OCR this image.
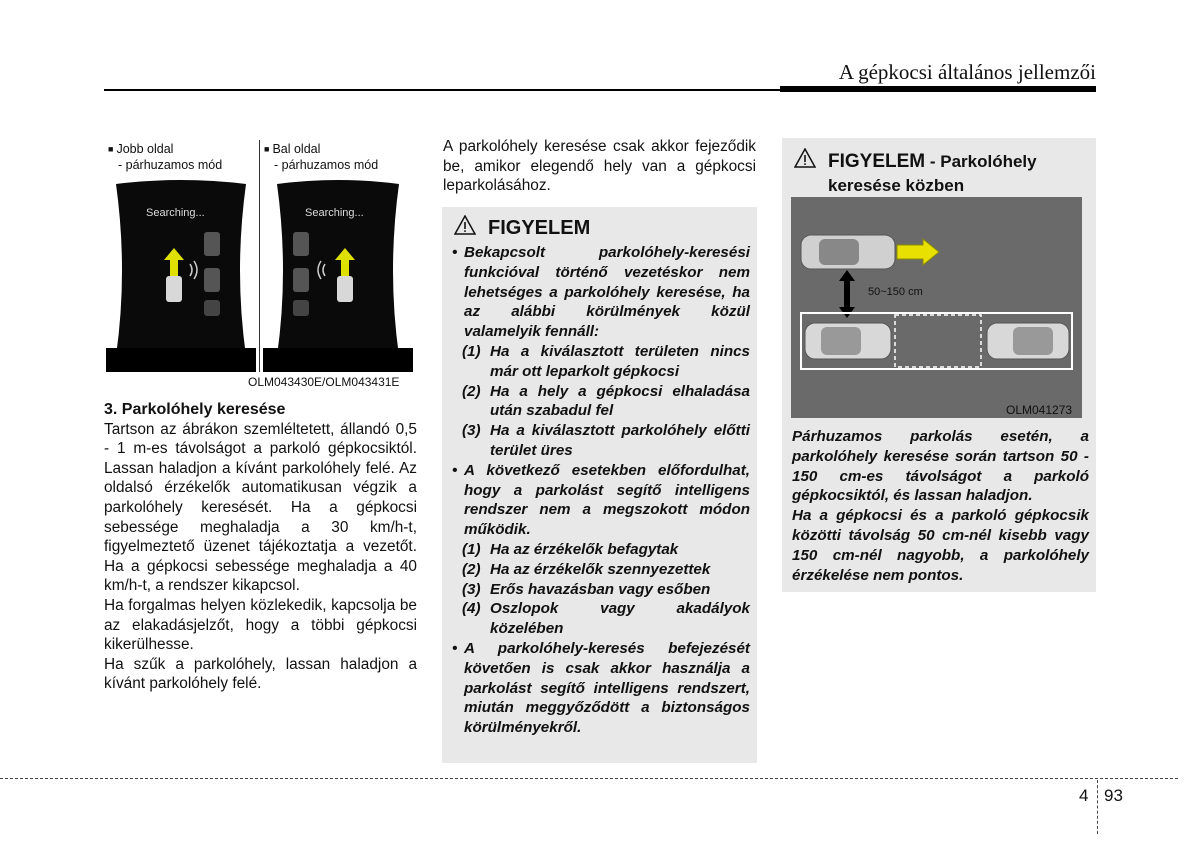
A gépkocsi általános jellemzői
■ Jobb oldal
- párhuzamos mód
■ Bal oldal
- párhuzamos mód
Searching...	Searching...
OLM043430E/OLM043431E
3. Parkolóhely keresése

Tartson az ábrákon szemléltetett, állandó 0,5 - 1 m-es távolságot a parkoló gépkocsiktól. Lassan haladjon a kívánt parkolóhely felé. Az oldalsó érzékelők automatikusan végzik a parkolóhely keresését. Ha a gépkocsi sebessége meghaladja a 30 km/h-t, figyelmeztető üzenet tájékoztatja a vezetőt. Ha a gépkocsi sebessége meghaladja a 40 km/h-t, a rendszer kikapcsol.

Ha forgalmas helyen közlekedik, kapcsolja be az elakadásjelzőt, hogy a többi gépkocsi kikerülhesse.

Ha szűk a parkolóhely, lassan haladjon a kívánt parkolóhely felé.

A parkolóhely keresése csak akkor fejeződik be, amikor elegendő hely van a gépkocsi leparkolásához.
FIGYELEM
• Bekapcsolt parkolóhely-keresési funkcióval történő vezetéskor nem lehetséges a parkolóhely keresése, ha az alábbi körülmények közül valamelyik fennáll:
(1) Ha a kiválasztott területen nincs már ott leparkolt gépkocsi
(2) Ha a hely a gépkocsi elhaladása után szabadul fel
(3) Ha a kiválasztott parkolóhely előtti terület üres
• A következő esetekben előfordulhat, hogy a parkolást segítő intelligens rendszer nem a megszokott módon működik.
(1) Ha az érzékelők befagytak
(2) Ha az érzékelők szennyezettek
(3) Erős havazásban vagy esőben
(4) Oszlopok vagy akadályok közelében
• A parkolóhely-keresés befejezését követően is csak akkor használja a parkolást segítő intelligens rendszert, miután meggyőződött a biztonságos körülményekről.
FIGYELEM - Parkolóhely keresése közben
50~150 cm
OLM041273
Párhuzamos parkolás esetén, a parkolóhely keresése során tartson 50 - 150 cm-es távolságot a parkoló gépkocsiktól, és lassan haladjon.
Ha a gépkocsi és a parkoló gépkocsik közötti távolság 50 cm-nél kisebb vagy 150 cm-nél nagyobb, a parkolóhely érzékelése nem pontos.
4 93
